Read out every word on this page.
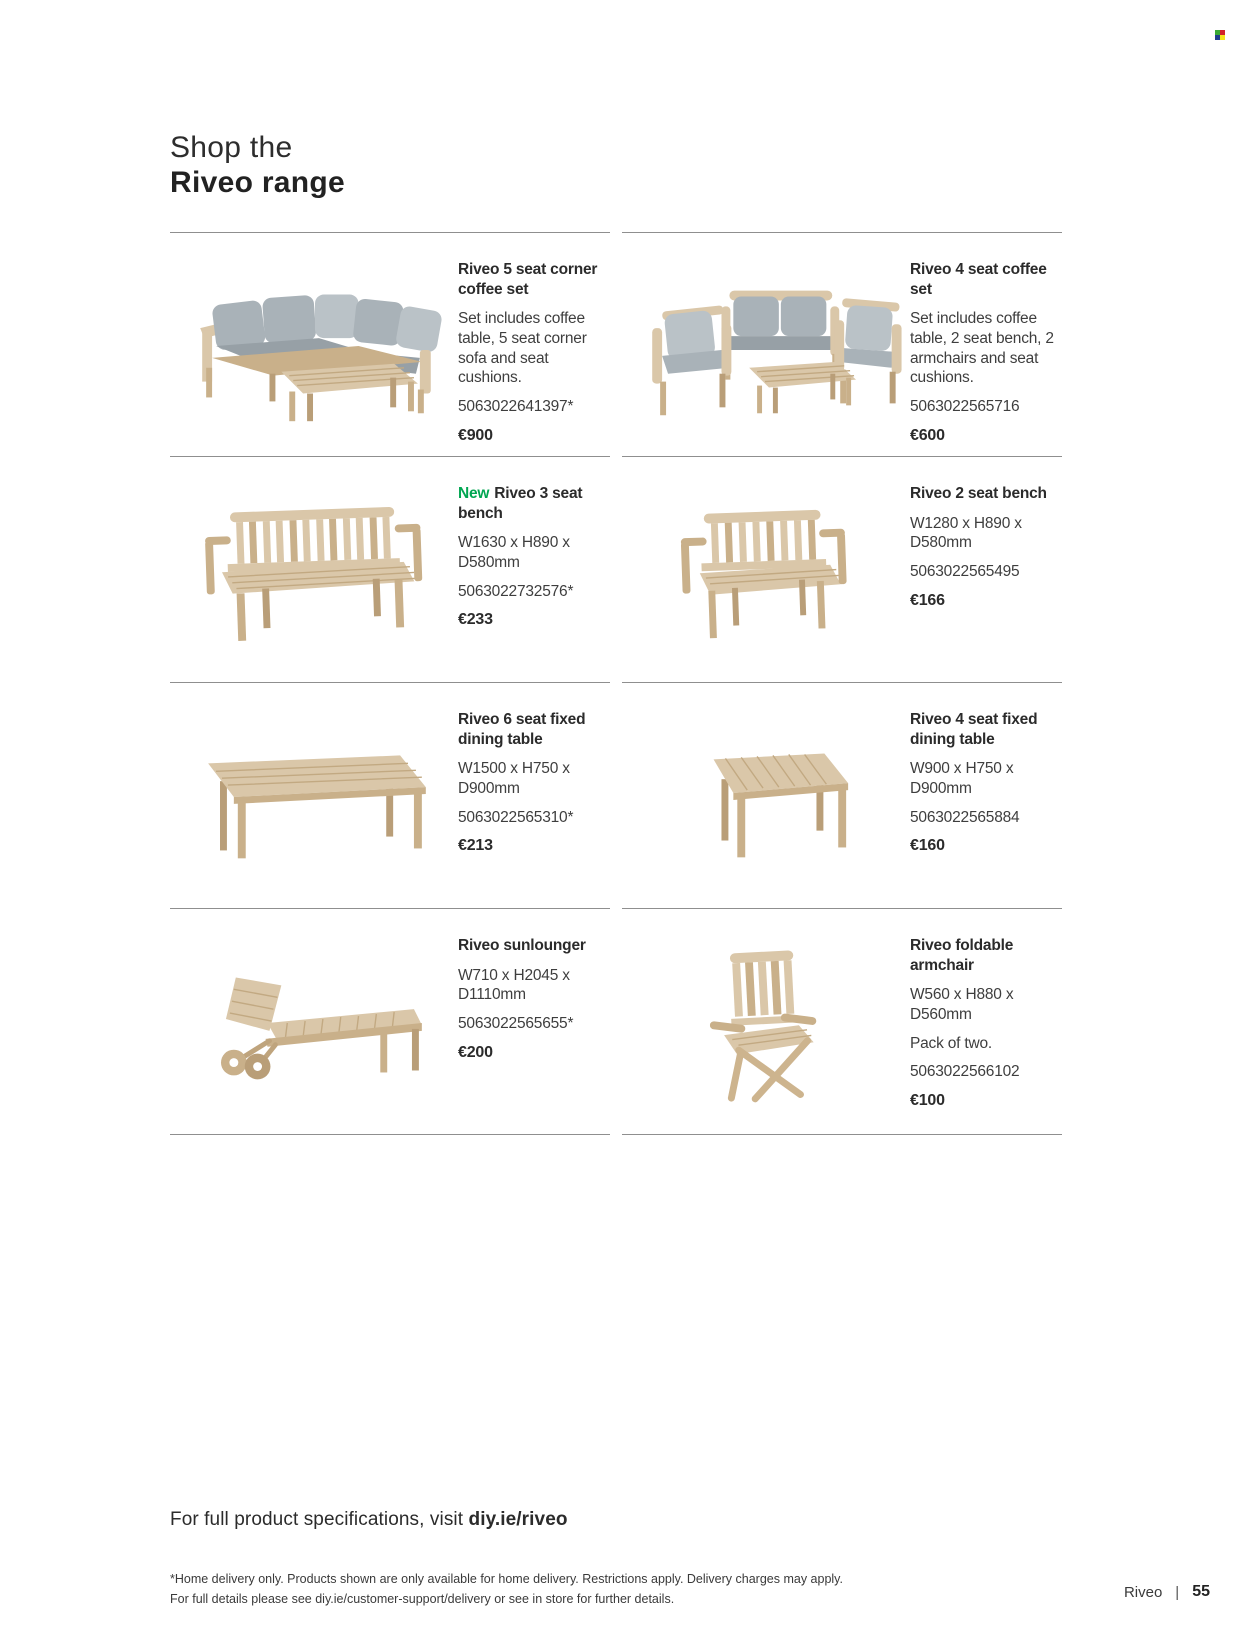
Shop the
Riveo range
Riveo 5 seat corner coffee set

Set includes coffee table, 5 seat corner sofa and seat cushions.

5063022641397*

€900

Riveo 4 seat coffee set

Set includes coffee table, 2 seat bench, 2 armchairs and seat cushions.

5063022565716

€600

New Riveo 3 seat bench

W1630 x H890 x D580mm

5063022732576*

€233

Riveo 2 seat bench

W1280 x H890 x D580mm

5063022565495

€166

Riveo 6 seat fixed dining table

W1500 x H750 x D900mm

5063022565310*

€213

Riveo 4 seat fixed dining table

W900 x H750 x D900mm

5063022565884

€160

Riveo sunlounger

W710 x H2045 x D1110mm

5063022565655*

€200

Riveo foldable armchair

W560 x H880 x D560mm

Pack of two.

5063022566102

€100

For full product specifications, visit diy.ie/riveo
*Home delivery only. Products shown are only available for home delivery. Restrictions apply. Delivery charges may apply.
For full details please see diy.ie/customer-support/delivery or see in store for further details.	Riveo | 55
